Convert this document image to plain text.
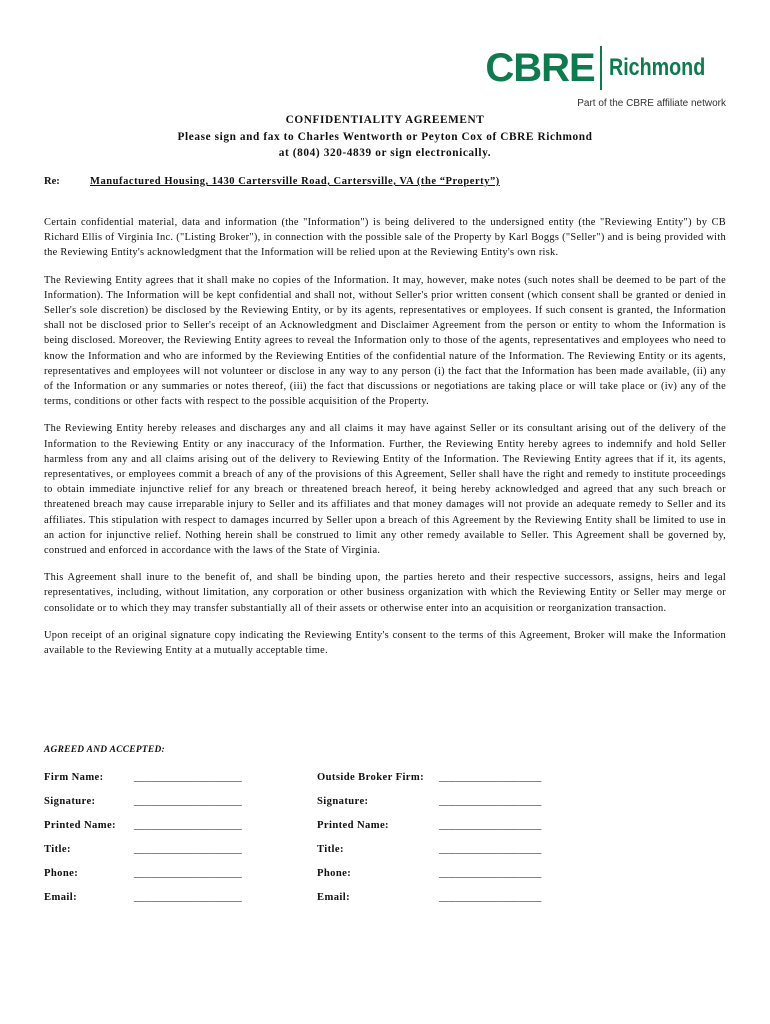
CBRE Richmond
Part of the CBRE affiliate network
CONFIDENTIALITY AGREEMENT
Please sign and fax to Charles Wentworth or Peyton Cox of CBRE Richmond
at (804) 320-4839 or sign electronically.
Re:	Manufactured Housing, 1430 Cartersville Road, Cartersville, VA (the “Property”)

Certain confidential material, data and information (the "Information") is being delivered to the undersigned entity (the "Reviewing Entity") by CB Richard Ellis of Virginia Inc. ("Listing Broker"), in connection with the possible sale of the Property by Karl Boggs ("Seller") and is being provided with the Reviewing Entity's acknowledgment that the Information will be relied upon at the Reviewing Entity's own risk.

The Reviewing Entity agrees that it shall make no copies of the Information. It may, however, make notes (such notes shall be deemed to be part of the Information). The Information will be kept confidential and shall not, without Seller's prior written consent (which consent shall be granted or denied in Seller's sole discretion) be disclosed by the Reviewing Entity, or by its agents, representatives or employees. If such consent is granted, the Information shall not be disclosed prior to Seller's receipt of an Acknowledgment and Disclaimer Agreement from the person or entity to whom the Information is being disclosed. Moreover, the Reviewing Entity agrees to reveal the Information only to those of the agents, representatives and employees who need to know the Information and who are informed by the Reviewing Entities of the confidential nature of the Information. The Reviewing Entity or its agents, representatives and employees will not volunteer or disclose in any way to any person (i) the fact that the Information has been made available, (ii) any of the Information or any summaries or notes thereof, (iii) the fact that discussions or negotiations are taking place or will take place or (iv) any of the terms, conditions or other facts with respect to the possible acquisition of the Property.

The Reviewing Entity hereby releases and discharges any and all claims it may have against Seller or its consultant arising out of the delivery of the Information to the Reviewing Entity or any inaccuracy of the Information. Further, the Reviewing Entity hereby agrees to indemnify and hold Seller harmless from any and all claims arising out of the delivery to Reviewing Entity of the Information. The Reviewing Entity agrees that if it, its agents, representatives, or employees commit a breach of any of the provisions of this Agreement, Seller shall have the right and remedy to institute proceedings to obtain immediate injunctive relief for any breach or threatened breach hereof, it being hereby acknowledged and agreed that any such breach or threatened breach may cause irreparable injury to Seller and its affiliates and that money damages will not provide an adequate remedy to Seller and its affiliates. This stipulation with respect to damages incurred by Seller upon a breach of this Agreement by the Reviewing Entity shall be limited to use in an action for injunctive relief. Nothing herein shall be construed to limit any other remedy available to Seller. This Agreement shall be governed by, construed and enforced in accordance with the laws of the State of Virginia.

This Agreement shall inure to the benefit of, and shall be binding upon, the parties hereto and their respective successors, assigns, heirs and legal representatives, including, without limitation, any corporation or other business organization with which the Reviewing Entity or Seller may merge or consolidate or to which they may transfer substantially all of their assets or otherwise enter into an acquisition or reorganization transaction.

Upon receipt of an original signature copy indicating the Reviewing Entity's consent to the terms of this Agreement, Broker will make the Information available to the Reviewing Entity at a mutually acceptable time.

AGREED AND ACCEPTED:
Firm Name:	____________________	Outside Broker Firm: ___________________
Signature:	____________________	Signature:	___________________
Printed Name: ____________________	Printed Name:	___________________
Title:	____________________	Title:	___________________
Phone:	____________________	Phone:	___________________
Email:	____________________	Email:	___________________
